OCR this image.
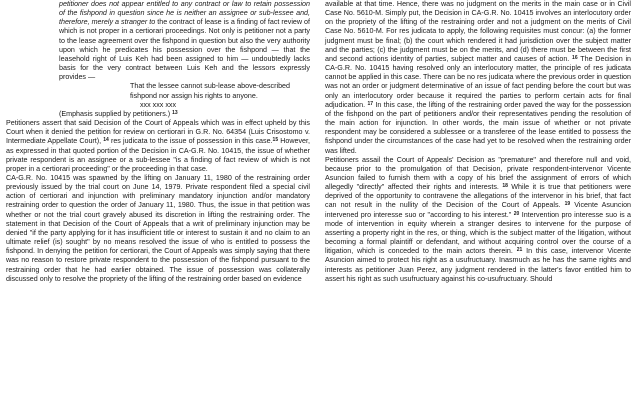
petitioner does not appear entitled to any contract or law to retain possession of the fishpond in question since he is neither an assignee or sub-lessee and, therefore, merely a stranger to the contract of lease is a finding of fact review of which is not proper in a certiorari proceedings. Not only is petitioner not a party to the lease agreement over the fishpond in question but also the very authority upon which he predicates his possession over the fishpond — that the leasehold right of Luis Keh had been assigned to him — undoubtedly lacks basis for the very contract between Luis Keh and the lessors expressly provides —

That the lessee cannot sub-lease above-described fishpond nor assign his rights to anyone.

xxx xxx xxx

(Emphasis supplied by petitioners.) $^{13}$

Petitioners assert that said Decision of the Court of Appeals which was in effect upheld by this Court when it denied the petition for review on certiorari in G.R. No. 64354 (Luis Crisostomo v. Intermediate Appellate Court), $^{14}$ res judicata to the issue of possession in this case.$^{15}$ However, as expressed in that quoted portion of the Decision in CA-G.R. No. 10415, the issue of whether private respondent is an assignee or a sub-lessee "is a finding of fact review of which is not proper in a certiorari proceeding" or the proceeding in that case.

CA-G.R. No. 10415 was spawned by the lifting on January 11, 1980 of the restraining order previously issued by the trial court on June 14, 1979. Private respondent filed a special civil action of certiorari and injunction with preliminary mandatory injunction and/or mandatory restraining order to question the order of January 11, 1980. Thus, the issue in that petition was whether or not the trial court gravely abused its discretion in lifting the restraining order. The statement in that Decision of the Court of Appeals that a writ of preliminary injunction may be denied "if the party applying for it has insufficient title or interest to sustain it and no claim to an ultimate relief (is) sought" by no means resolved the issue of who is entitled to possess the fishpond. In denying the petition for certiorari, the Court of Appeals was simply saying that there was no reason to restore private respondent to the possession of the fishpond pursuant to the restraining order that he had earlier obtained. The issue of possession was collaterally discussed only to resolve the propriety of the lifting of the restraining order based on evidence

available at that time. Hence, there was no judgment on the merits in the main case or in Civil Case No. 5610-M. Simply put, the Decision in CA-G.R. No. 10415 involves an interlocutory order on the propriety of the lifting of the restraining order and not a judgment on the merits of Civil Case No. 5610-M. For res judicata to apply, the following requisites must concur: (a) the former judgment must be final; (b) the court which rendered it had jurisdiction over the subject matter and the parties; (c) the judgment must be on the merits, and (d) there must be between the first and second actions identity of parties, subject matter and causes of action. $^{16}$ The Decision in CA-G.R. No. 10415 having resolved only an interlocutory matter, the principle of res judicata cannot be applied in this case. There can be no res judicata where the previous order in question was not an order or judgment determinative of an issue of fact pending before the court but was only an interlocutory order because it required the parties to perform certain acts for final adjudication. $^{17}$ In this case, the lifting of the restraining order paved the way for the possession of the fishpond on the part of petitioners and/or their representatives pending the resolution of the main action for injunction. In other words, the main issue of whether or not private respondent may be considered a sublessee or a transferee of the lease entitled to possess the fishpond under the circumstances of the case had yet to be resolved when the restraining order was lifted.

Petitioners assail the Court of Appeals' Decision as "premature" and therefore null and void, because prior to the promulgation of that Decision, private respondent-intervenor Vicente Asuncion failed to furnish them with a copy of his brief the assignment of errors of which allegedly "directly" affected their rights and interests. $^{18}$ While it is true that petitioners were deprived of the opportunity to contravene the allegations of the intervenor in his brief, that fact can not result in the nullity of the Decision of the Court of Appeals. $^{19}$ Vicente Asuncion intervened pro interesse suo or "according to his interest." $^{20}$ Intervention pro interesse suo is a mode of intervention in equity wherein a stranger desires to intervene for the purpose of asserting a property right in the res, or thing, which is the subject matter of the litigation, without becoming a formal plaintiff or defendant, and without acquiring control over the course of a litigation, which is conceded to the main actors therein. $^{21}$ In this case, intervenor Vicente Asuncion aimed to protect his right as a usufructuary. Inasmuch as he has the same rights and interests as petitioner Juan Perez, any judgment rendered in the latter's favor entitled him to assert his right as such usufructuary against his co-usufructuary. Should
